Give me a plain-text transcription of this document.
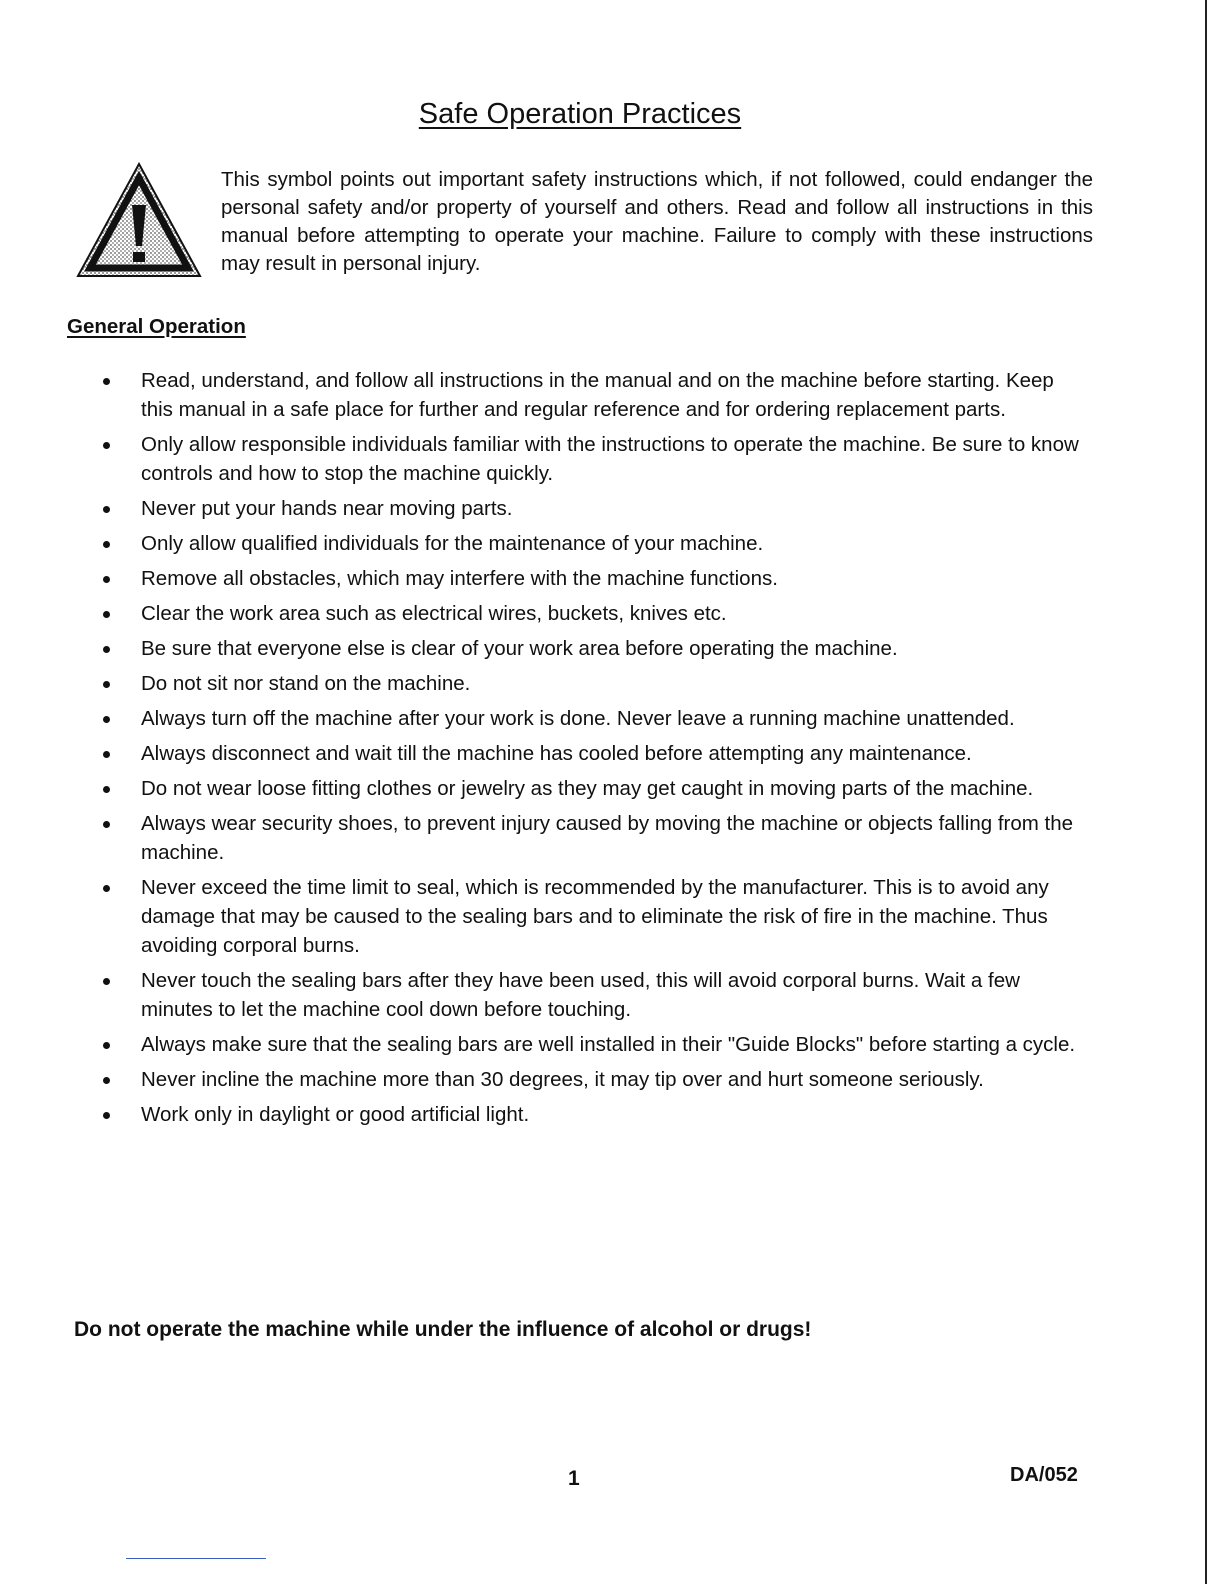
Safe Operation Practices
This symbol points out important safety instructions which, if not followed, could endanger the personal safety and/or property of yourself and others. Read and follow all instructions in this manual before attempting to operate your machine. Failure to comply with these instructions may result in personal injury.
General Operation
Read, understand, and follow all instructions in the manual and on the machine before starting. Keep this manual in a safe place for further and regular reference and for ordering replacement parts.
Only allow responsible individuals familiar with the instructions to operate the machine. Be sure to know controls and how to stop the machine quickly.
Never put your hands near moving parts.
Only allow qualified individuals for the maintenance of your machine.
Remove all obstacles, which may interfere with the machine functions.
Clear the work area such as electrical wires, buckets, knives etc.
Be sure that everyone else is clear of your work area before operating the machine.
Do not sit nor stand on the machine.
Always turn off the machine after your work is done. Never leave a running machine unattended.
Always disconnect and wait till the machine has cooled before attempting any maintenance.
Do not wear loose fitting clothes or jewelry as they may get caught in moving parts of the machine.
Always wear security shoes, to prevent injury caused by moving the machine or objects falling from the machine.
Never exceed the time limit to seal, which is recommended by the manufacturer. This is to avoid any damage that may be caused to the sealing bars and to eliminate the risk of fire in the machine. Thus avoiding corporal burns.
Never touch the sealing bars after they have been used, this will avoid corporal burns. Wait a few minutes to let the machine cool down before touching.
Always make sure that the sealing bars are well installed in their "Guide Blocks" before starting a cycle.
Never incline the machine more than 30 degrees, it may tip over and hurt someone seriously.
Work only in daylight or good artificial light.
Do not operate the machine while under the influence of alcohol or drugs!
1	DA/052
